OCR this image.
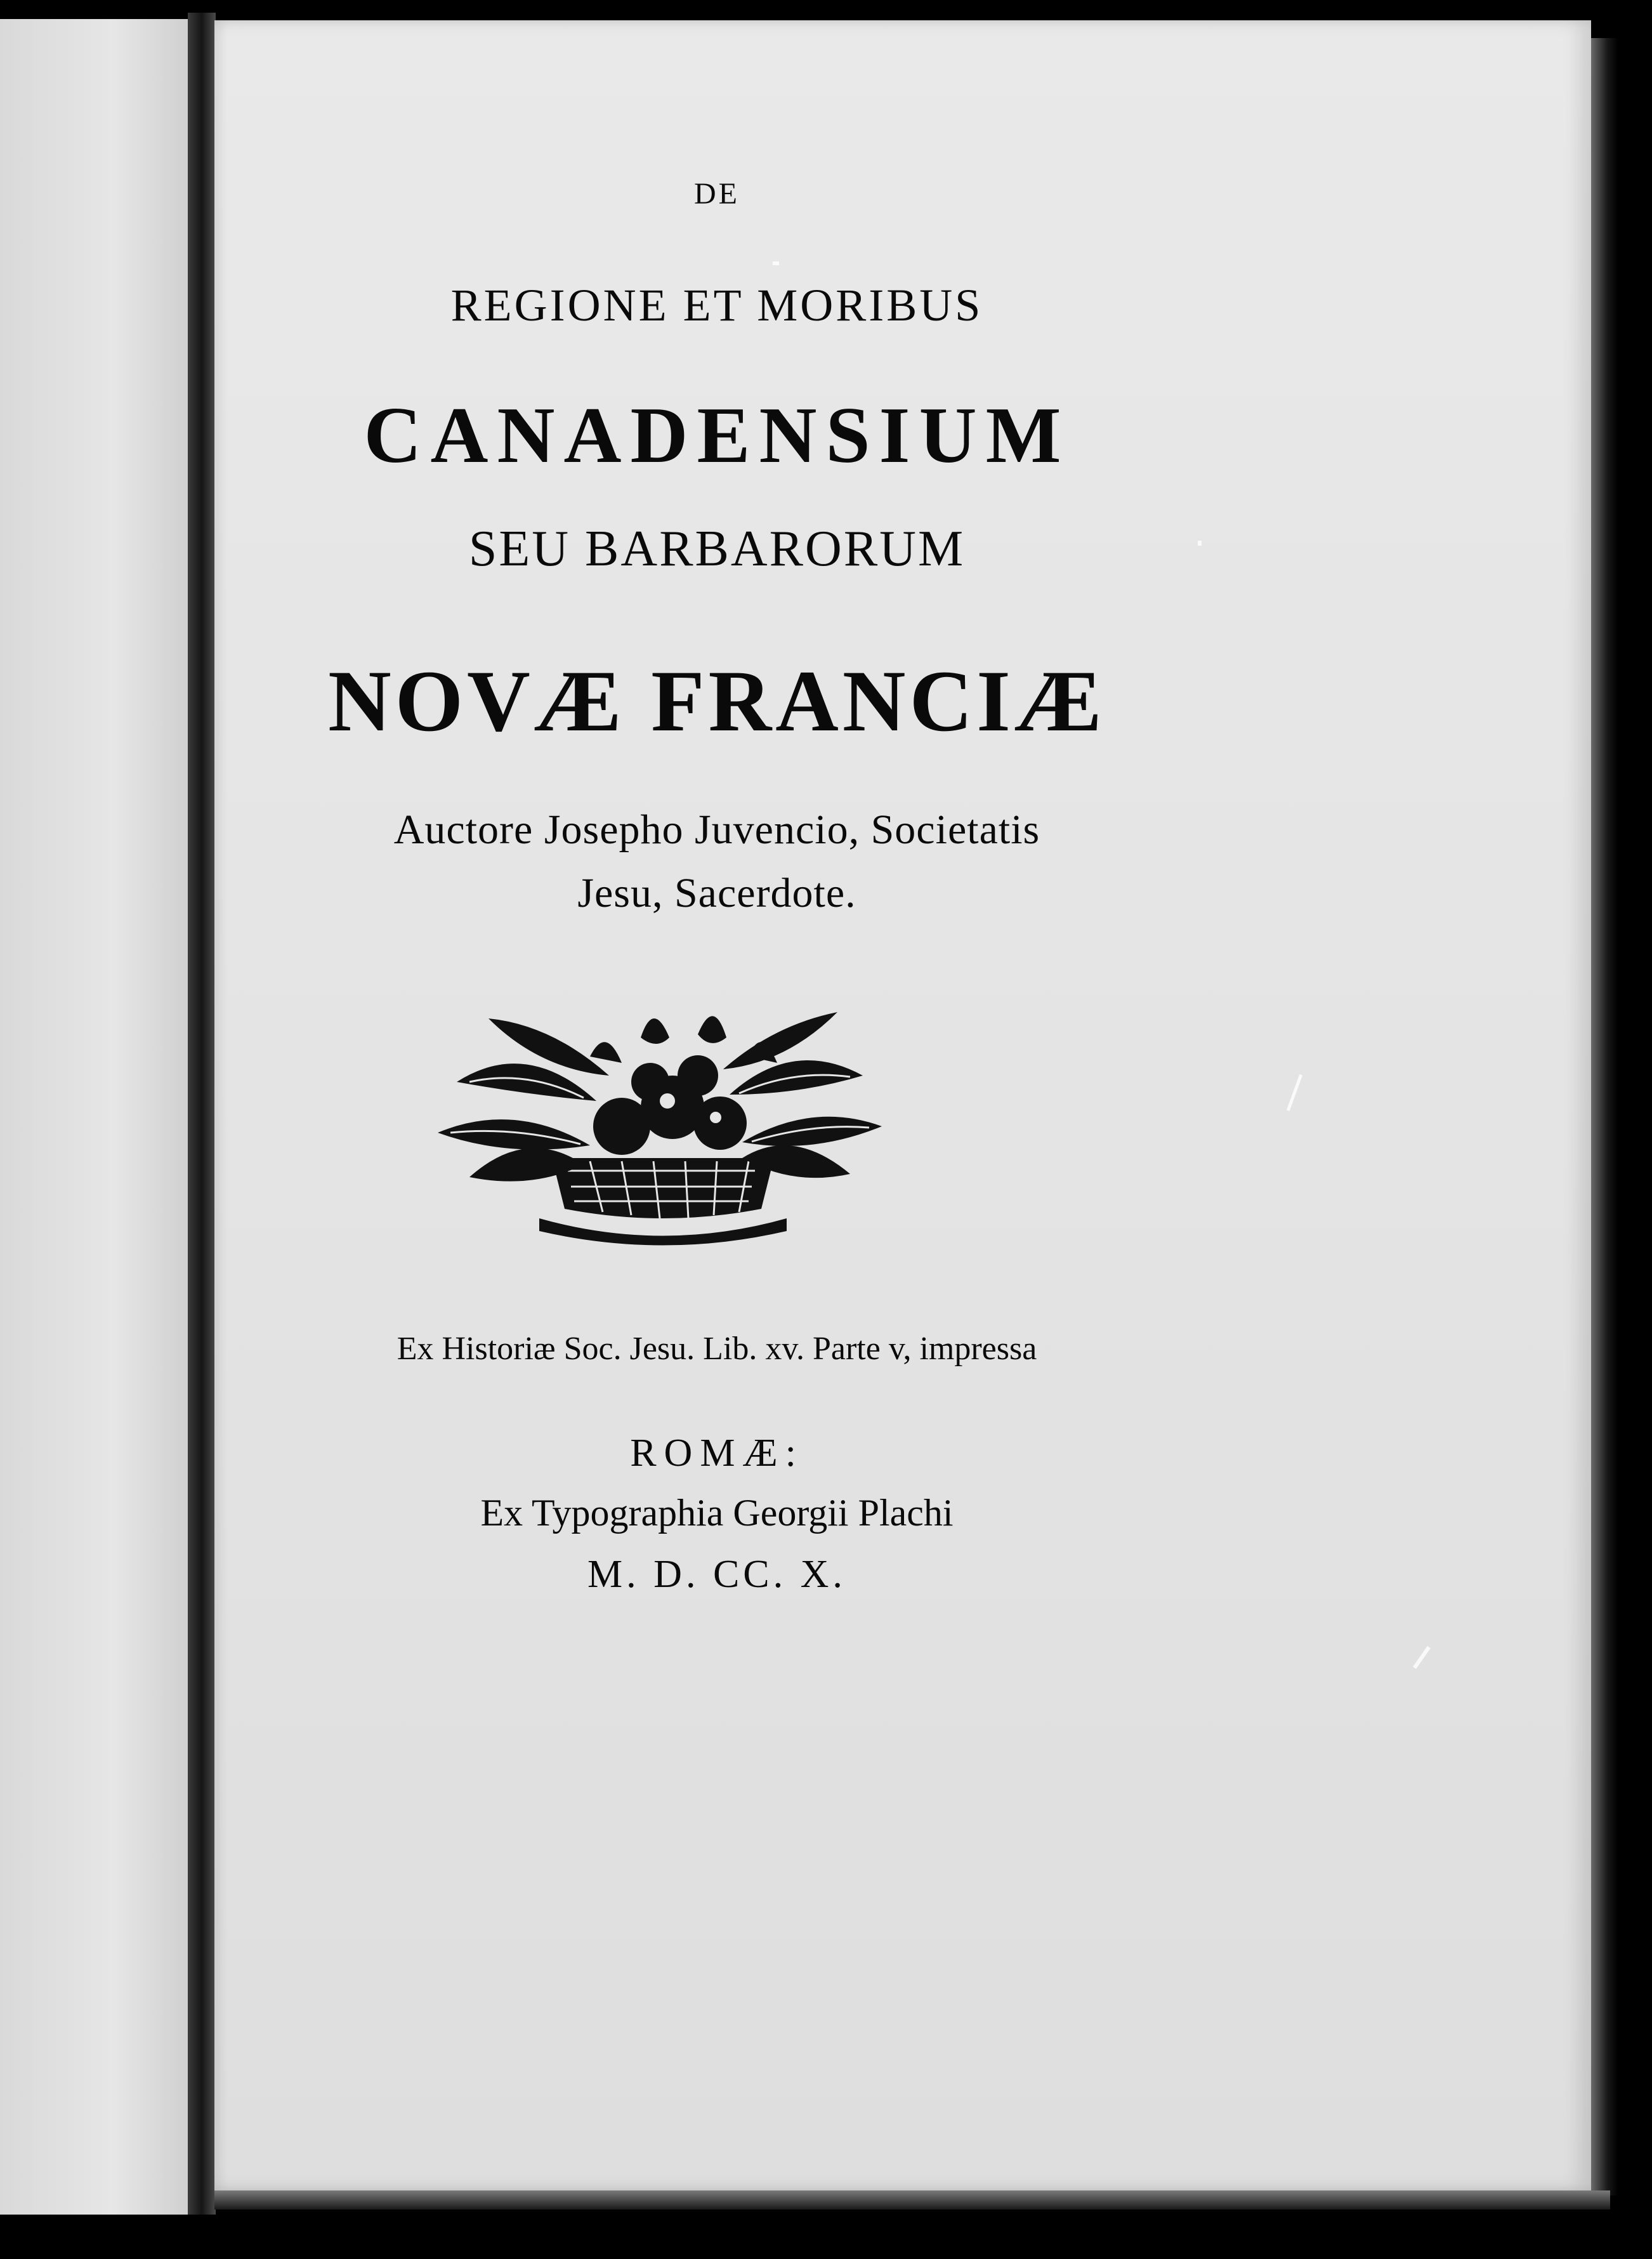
DE
REGIONE ET MORIBUS
CANADENSIUM
SEU BARBARORUM
NOVÆ FRANCIÆ
Auctore Josepho Juvencio, Societatis
Jesu, Sacerdote.
Ex Historiæ Soc. Jesu. Lib. xv. Parte v, impressa
ROMÆ:
Ex Typographia Georgii Plachi
M. D. CC. X.
